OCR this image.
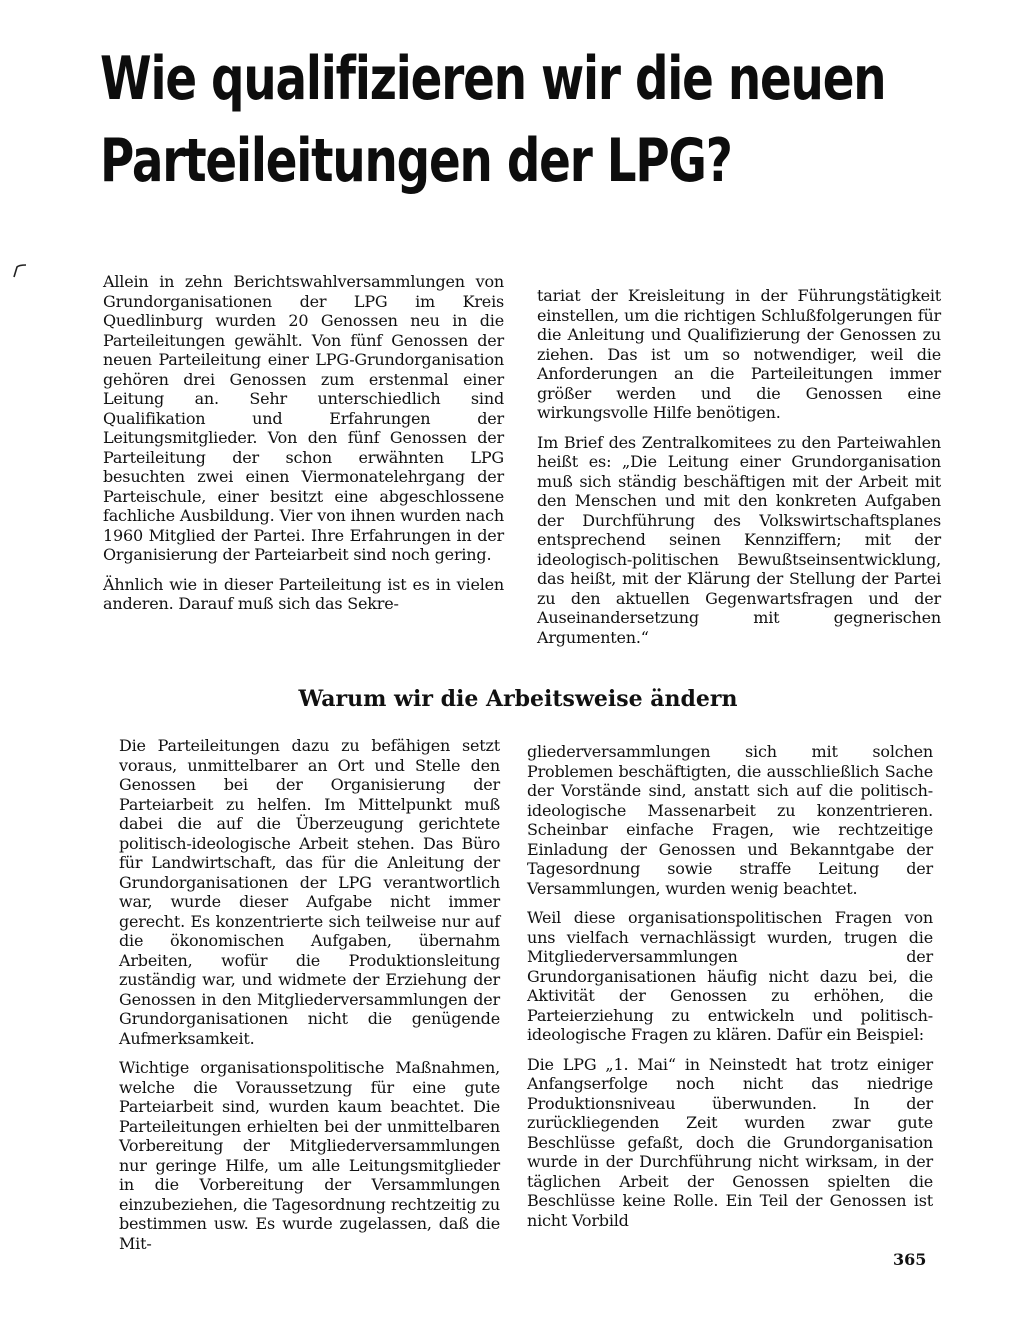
Wie qualifizieren wir die neuen
Parteileitungen der LPG?

Allein in zehn Berichtswahlversammlungen von Grundorganisationen der LPG im Kreis Quedlinburg wurden 20 Genossen neu in die Parteileitungen gewählt. Von fünf Genossen der neuen Parteileitung einer LPG-Grundorganisation gehören drei Genossen zum erstenmal einer Leitung an. Sehr unterschiedlich sind Qualifikation und Erfahrungen der Leitungsmitglieder. Von den fünf Genossen der Parteileitung der schon erwähnten LPG besuchten zwei einen Viermonatelehrgang der Parteischule, einer besitzt eine abgeschlossene fachliche Ausbildung. Vier von ihnen wurden nach 1960 Mitglied der Partei. Ihre Erfahrungen in der Organisierung der Parteiarbeit sind noch gering.

Ähnlich wie in dieser Parteileitung ist es in vielen anderen. Darauf muß sich das Sekre-

tariat der Kreisleitung in der Führungstätigkeit einstellen, um die richtigen Schlußfolgerungen für die Anleitung und Qualifizierung der Genossen zu ziehen. Das ist um so notwendiger, weil die Anforderungen an die Parteileitungen immer größer werden und die Genossen eine wirkungsvolle Hilfe benötigen.

Im Brief des Zentralkomitees zu den Parteiwahlen heißt es: „Die Leitung einer Grundorganisation muß sich ständig beschäftigen mit der Arbeit mit den Menschen und mit den konkreten Aufgaben der Durchführung des Volkswirtschaftsplanes entsprechend seinen Kennziffern; mit der ideologisch-politischen Bewußtseinsentwicklung, das heißt, mit der Klärung der Stellung der Partei zu den aktuellen Gegenwartsfragen und der Auseinandersetzung mit gegnerischen Argumenten.“

Warum wir die Arbeitsweise ändern

Die Parteileitungen dazu zu befähigen setzt voraus, unmittelbarer an Ort und Stelle den Genossen bei der Organisierung der Parteiarbeit zu helfen. Im Mittelpunkt muß dabei die auf die Überzeugung gerichtete politisch-ideologische Arbeit stehen. Das Büro für Landwirtschaft, das für die Anleitung der Grundorganisationen der LPG verantwortlich war, wurde dieser Aufgabe nicht immer gerecht. Es konzentrierte sich teilweise nur auf die ökonomischen Aufgaben, übernahm Arbeiten, wofür die Produktionsleitung zuständig war, und widmete der Erziehung der Genossen in den Mitgliederversammlungen der Grundorganisationen nicht die genügende Aufmerksamkeit.

Wichtige organisationspolitische Maßnahmen, welche die Voraussetzung für eine gute Parteiarbeit sind, wurden kaum beachtet. Die Parteileitungen erhielten bei der unmittelbaren Vorbereitung der Mitgliederversammlungen nur geringe Hilfe, um alle Leitungsmitglieder in die Vorbereitung der Versammlungen einzubeziehen, die Tagesordnung rechtzeitig zu bestimmen usw. Es wurde zugelassen, daß die Mit-

gliederversammlungen sich mit solchen Problemen beschäftigten, die ausschließlich Sache der Vorstände sind, anstatt sich auf die politisch-ideologische Massenarbeit zu konzentrieren. Scheinbar einfache Fragen, wie rechtzeitige Einladung der Genossen und Bekanntgabe der Tagesordnung sowie straffe Leitung der Versammlungen, wurden wenig beachtet.

Weil diese organisationspolitischen Fragen von uns vielfach vernachlässigt wurden, trugen die Mitgliederversammlungen der Grundorganisationen häufig nicht dazu bei, die Aktivität der Genossen zu erhöhen, die Parteierziehung zu entwickeln und politisch-ideologische Fragen zu klären. Dafür ein Beispiel:

Die LPG „1. Mai“ in Neinstedt hat trotz einiger Anfangserfolge noch nicht das niedrige Produktionsniveau überwunden. In der zurückliegenden Zeit wurden zwar gute Beschlüsse gefaßt, doch die Grundorganisation wurde in der Durchführung nicht wirksam, in der täglichen Arbeit der Genossen spielten die Beschlüsse keine Rolle. Ein Teil der Genossen ist nicht Vorbild

365
